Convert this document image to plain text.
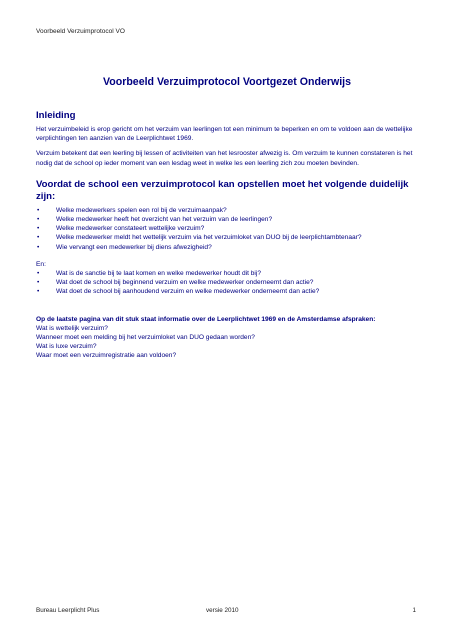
Voorbeeld Verzuimprotocol VO
Voorbeeld Verzuimprotocol Voortgezet Onderwijs
Inleiding

Het verzuimbeleid is erop gericht om het verzuim van leerlingen tot een minimum te beperken en om te voldoen aan de wettelijke verplichtingen ten aanzien van de Leerplichtwet 1969.

Verzuim betekent dat een leerling bij lessen of activiteiten van het lesrooster afwezig is. Om verzuim te kunnen constateren is het nodig dat de school op ieder moment van een lesdag weet in welke les een leerling zich zou moeten bevinden.

Voordat de school een verzuimprotocol kan opstellen moet het volgende duidelijk zijn:
• Welke medewerkers spelen een rol bij de verzuimaanpak?
• Welke medewerker heeft het overzicht van het verzuim van de leerlingen?
• Welke medewerker constateert wettelijke verzuim?
• Welke medewerker meldt het wettelijk verzuim via het verzuimloket van DUO bij de leerplichtambtenaar?
• Wie vervangt een medewerker bij diens afwezigheid?

En:

• Wat is de sanctie bij te laat komen en welke medewerker houdt dit bij?
• Wat doet de school bij beginnend verzuim en welke medewerker onderneemt dan actie?
• Wat doet de school bij aanhoudend verzuim en welke medewerker onderneemt dan actie?

Op de laatste pagina van dit stuk staat informatie over de Leerplichtwet 1969 en de Amsterdamse afspraken:

Wat is wettelijk verzuim?

Wanneer moet een melding bij het verzuimloket van DUO gedaan worden?

Wat is luxe verzuim?

Waar moet een verzuimregistratie aan voldoen?

Bureau Leerplicht Plus	versie 2010	1
